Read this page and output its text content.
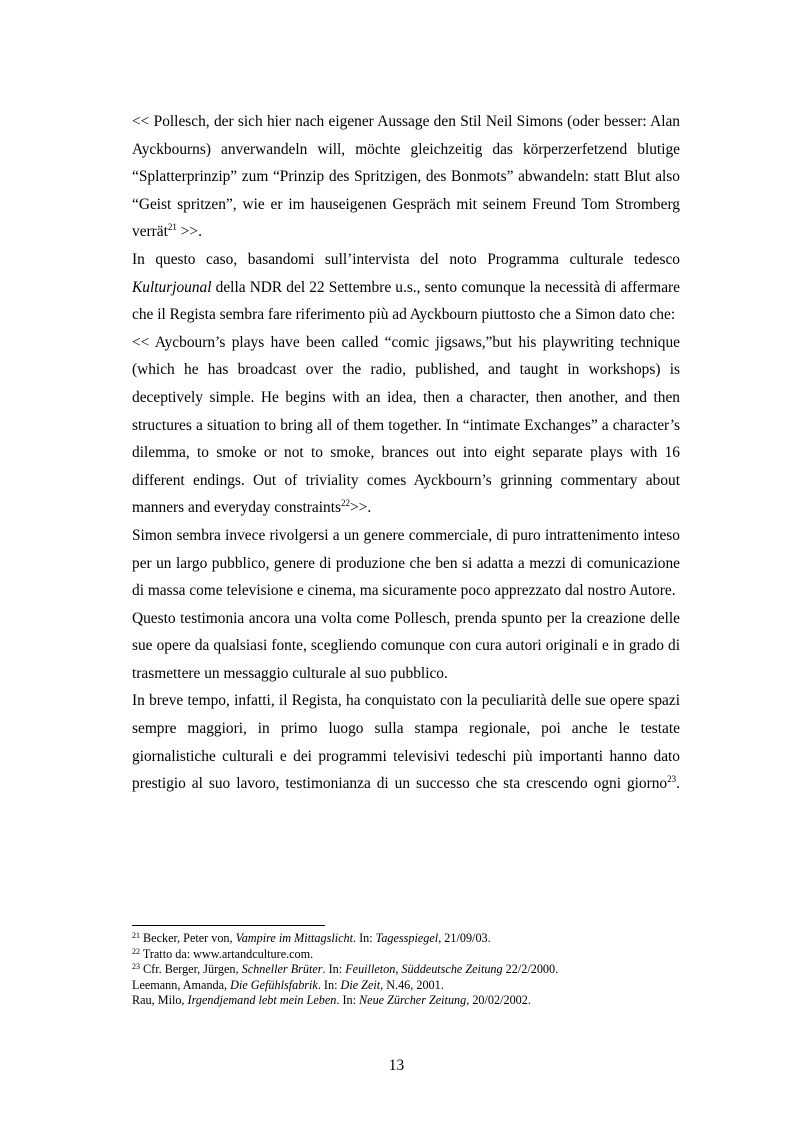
<< Pollesch, der sich hier nach eigener Aussage den Stil Neil Simons (oder besser: Alan Ayckbourns) anverwandeln will, möchte gleichzeitig das körperzerfetzend blutige “Splatterprinzip” zum “Prinzip des Spritzigen, des Bonmots” abwandeln: statt Blut also “Geist spritzen”, wie er im hauseigenen Gespräch mit seinem Freund Tom Stromberg verrät$^{21}$ >>.

In questo caso, basandomi sull’intervista del noto Programma culturale tedesco Kulturjounal della NDR del 22 Settembre u.s., sento comunque la necessità di affermare che il Regista sembra fare riferimento più ad Ayckbourn piuttosto che a Simon dato che:

<< Aycbourn’s plays have been called “comic jigsaws,”but his playwriting technique (which he has broadcast over the radio, published, and taught in workshops) is deceptively simple. He begins with an idea, then a character, then another, and then structures a situation to bring all of them together. In “intimate Exchanges” a character’s dilemma, to smoke or not to smoke, brances out into eight separate plays with 16 different endings. Out of triviality comes Ayckbourn’s grinning commentary about manners and everyday constraints$^{22}$>>.

Simon sembra invece rivolgersi a un genere commerciale, di puro intrattenimento inteso per un largo pubblico, genere di produzione che ben si adatta a mezzi di comunicazione di massa come televisione e cinema, ma sicuramente poco apprezzato dal nostro Autore.

Questo testimonia ancora una volta come Pollesch, prenda spunto per la creazione delle sue opere da qualsiasi fonte, scegliendo comunque con cura autori originali e in grado di trasmettere un messaggio culturale al suo pubblico.

In breve tempo, infatti, il Regista, ha conquistato con la peculiarità delle sue opere spazi sempre maggiori, in primo luogo sulla stampa regionale, poi anche le testate giornalistiche culturali e dei programmi televisivi tedeschi più importanti hanno dato prestigio al suo lavoro, testimonianza di un successo che sta crescendo ogni giorno$^{23}$.

$^{21}$ Becker, Peter von, Vampire im Mittagslicht. In: Tagesspiegel, 21/09/03.
$^{22}$ Tratto da: www.artandculture.com.
$^{23}$ Cfr. Berger, Jürgen, Schneller Brüter. In: Feuilleton, Süddeutsche Zeitung 22/2/2000.
Leemann, Amanda, Die Gefühlsfabrik. In: Die Zeit, N.46, 2001.
Rau, Milo, Irgendjemand lebt mein Leben. In: Neue Zürcher Zeitung, 20/02/2002.
13
